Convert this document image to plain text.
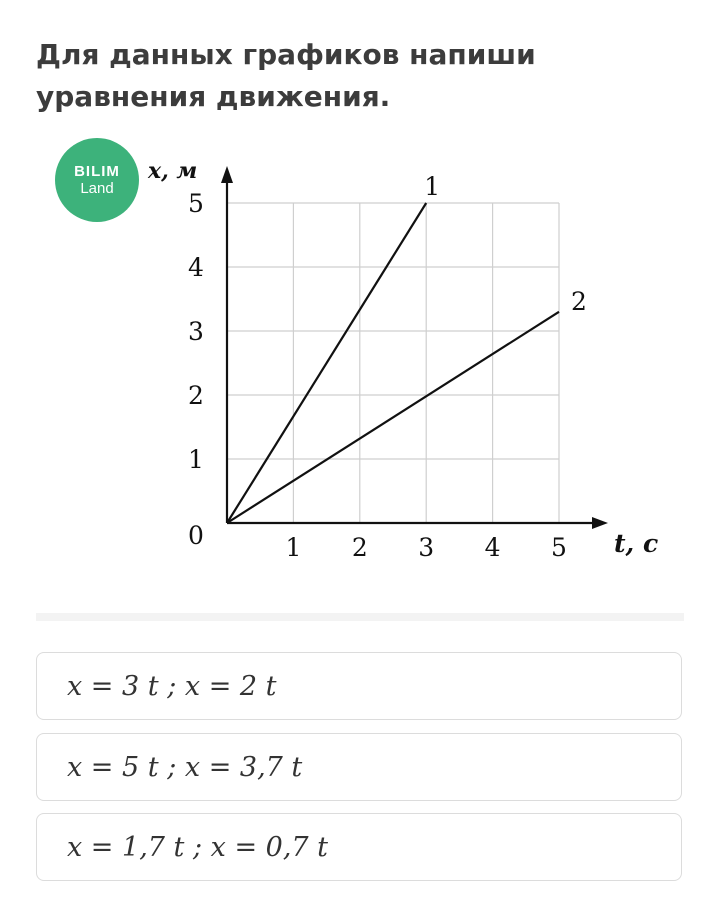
Для данных графиков напиши уравнения движения.
BILIM
Land	1
2
1 2 3 4 5
1
2
3
4
5
0	t, с
x, м
x = 3 t ; x = 2 t
x = 5 t ; x = 3,7 t
x = 1,7 t ; x = 0,7 t
